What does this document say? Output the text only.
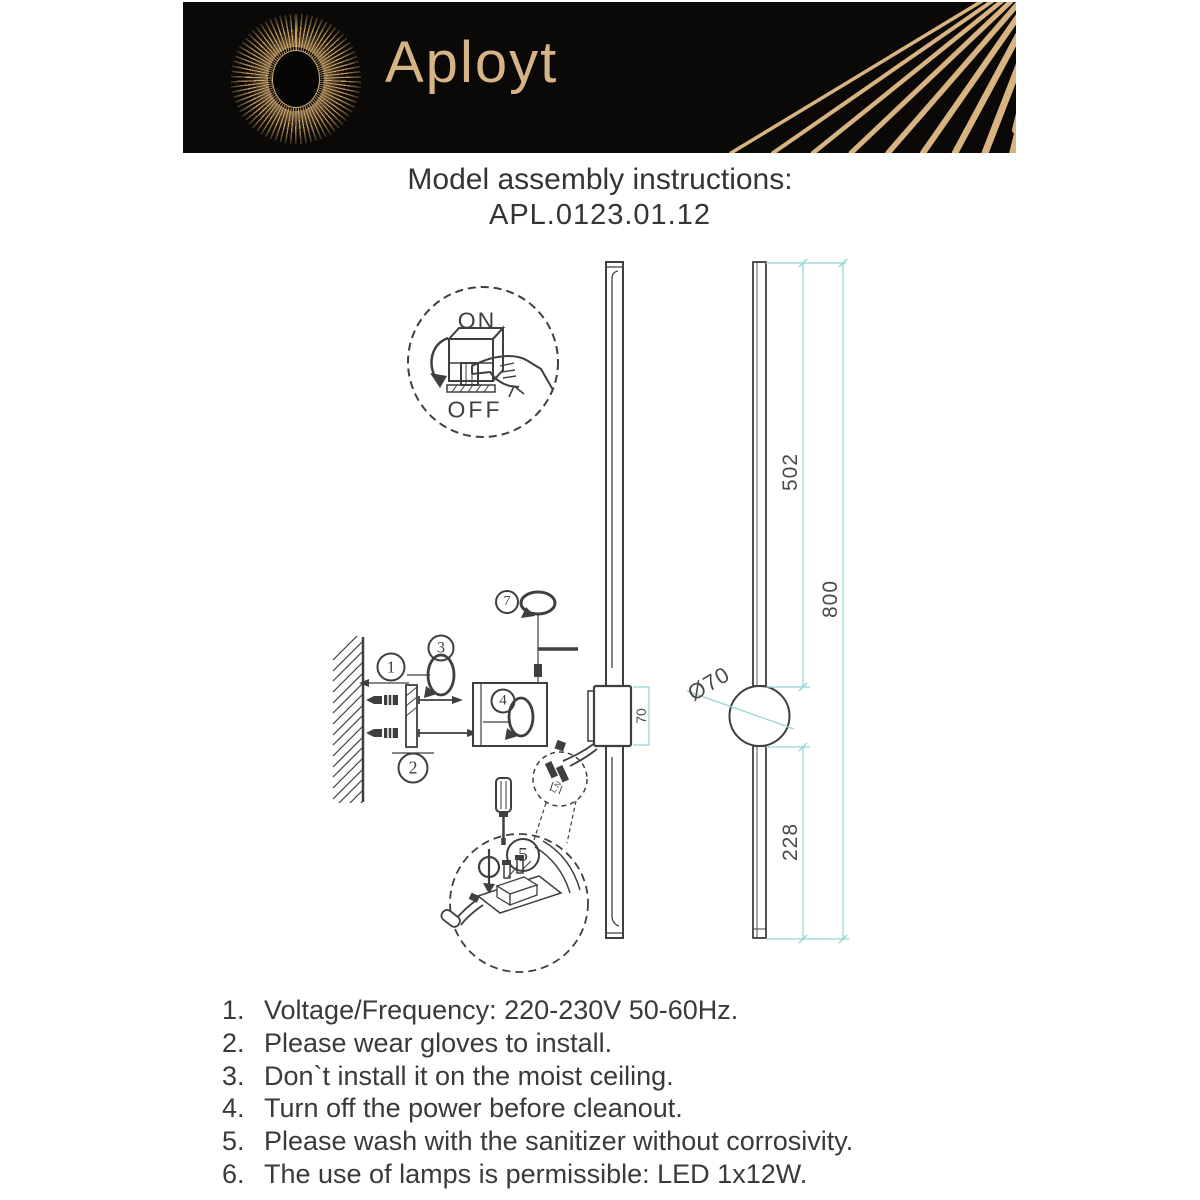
Aployt
Model assembly instructions:
APL.0123.01.12
ON
OFF
1
2
3
4
7
5
70
502
800
228
Ø70
L N
1. Voltage/Frequency: 220-230V 50-60Hz.
2. Please wear gloves to install.
3. Don`t install it on the moist ceiling.
4. Turn off the power before cleanout.
5. Please wash with the sanitizer without corrosivity.
6. The use of lamps is permissible: LED 1x12W.
